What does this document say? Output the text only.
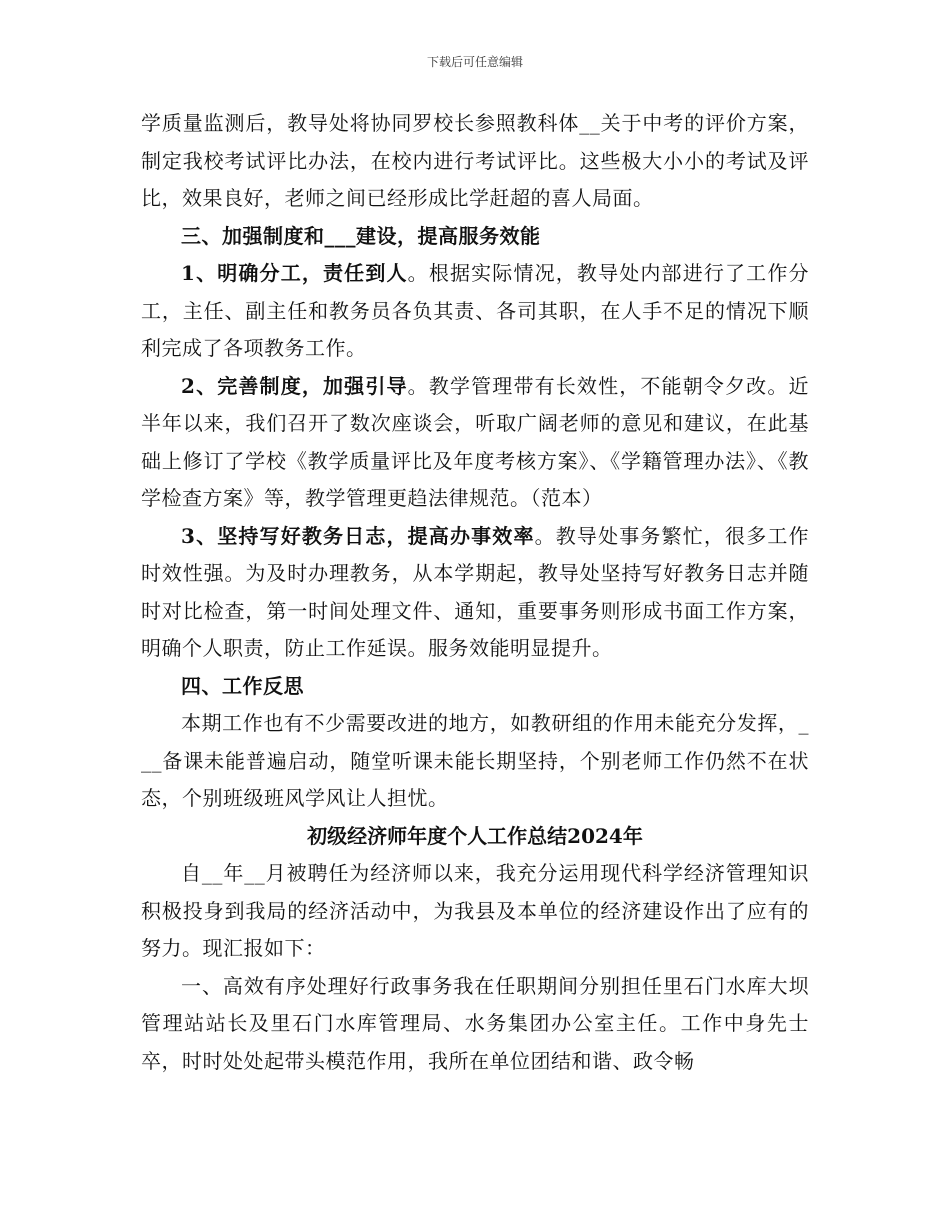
下载后可任意编辑

学质量监测后，教导处将协同罗校长参照教科体__关于中考的评价方案，制定我校考试评比办法，在校内进行考试评比。这些极大小小的考试及评比，效果良好，老师之间已经形成比学赶超的喜人局面。

三、加强制度和___建设，提高服务效能

1、明确分工，责任到人。根据实际情况，教导处内部进行了工作分工，主任、副主任和教务员各负其责、各司其职，在人手不足的情况下顺利完成了各项教务工作。

2、完善制度，加强引导。教学管理带有长效性，不能朝令夕改。近半年以来，我们召开了数次座谈会，听取广阔老师的意见和建议，在此基础上修订了学校《教学质量评比及年度考核方案》、《学籍管理办法》、《教学检查方案》等，教学管理更趋法律规范。（范本）

3、坚持写好教务日志，提高办事效率。教导处事务繁忙，很多工作时效性强。为及时办理教务，从本学期起，教导处坚持写好教务日志并随时对比检查，第一时间处理文件、通知，重要事务则形成书面工作方案，明确个人职责，防止工作延误。服务效能明显提升。

四、工作反思

本期工作也有不少需要改进的地方，如教研组的作用未能充分发挥，___备课未能普遍启动，随堂听课未能长期坚持，个别老师工作仍然不在状态，个别班级班风学风让人担忧。

初级经济师年度个人工作总结2024年

自__年__月被聘任为经济师以来，我充分运用现代科学经济管理知识积极投身到我局的经济活动中，为我县及本单位的经济建设作出了应有的努力。现汇报如下：

一、高效有序处理好行政事务我在任职期间分别担任里石门水库大坝管理站站长及里石门水库管理局、水务集团办公室主任。工作中身先士卒，时时处处起带头模范作用，我所在单位团结和谐、政令畅
